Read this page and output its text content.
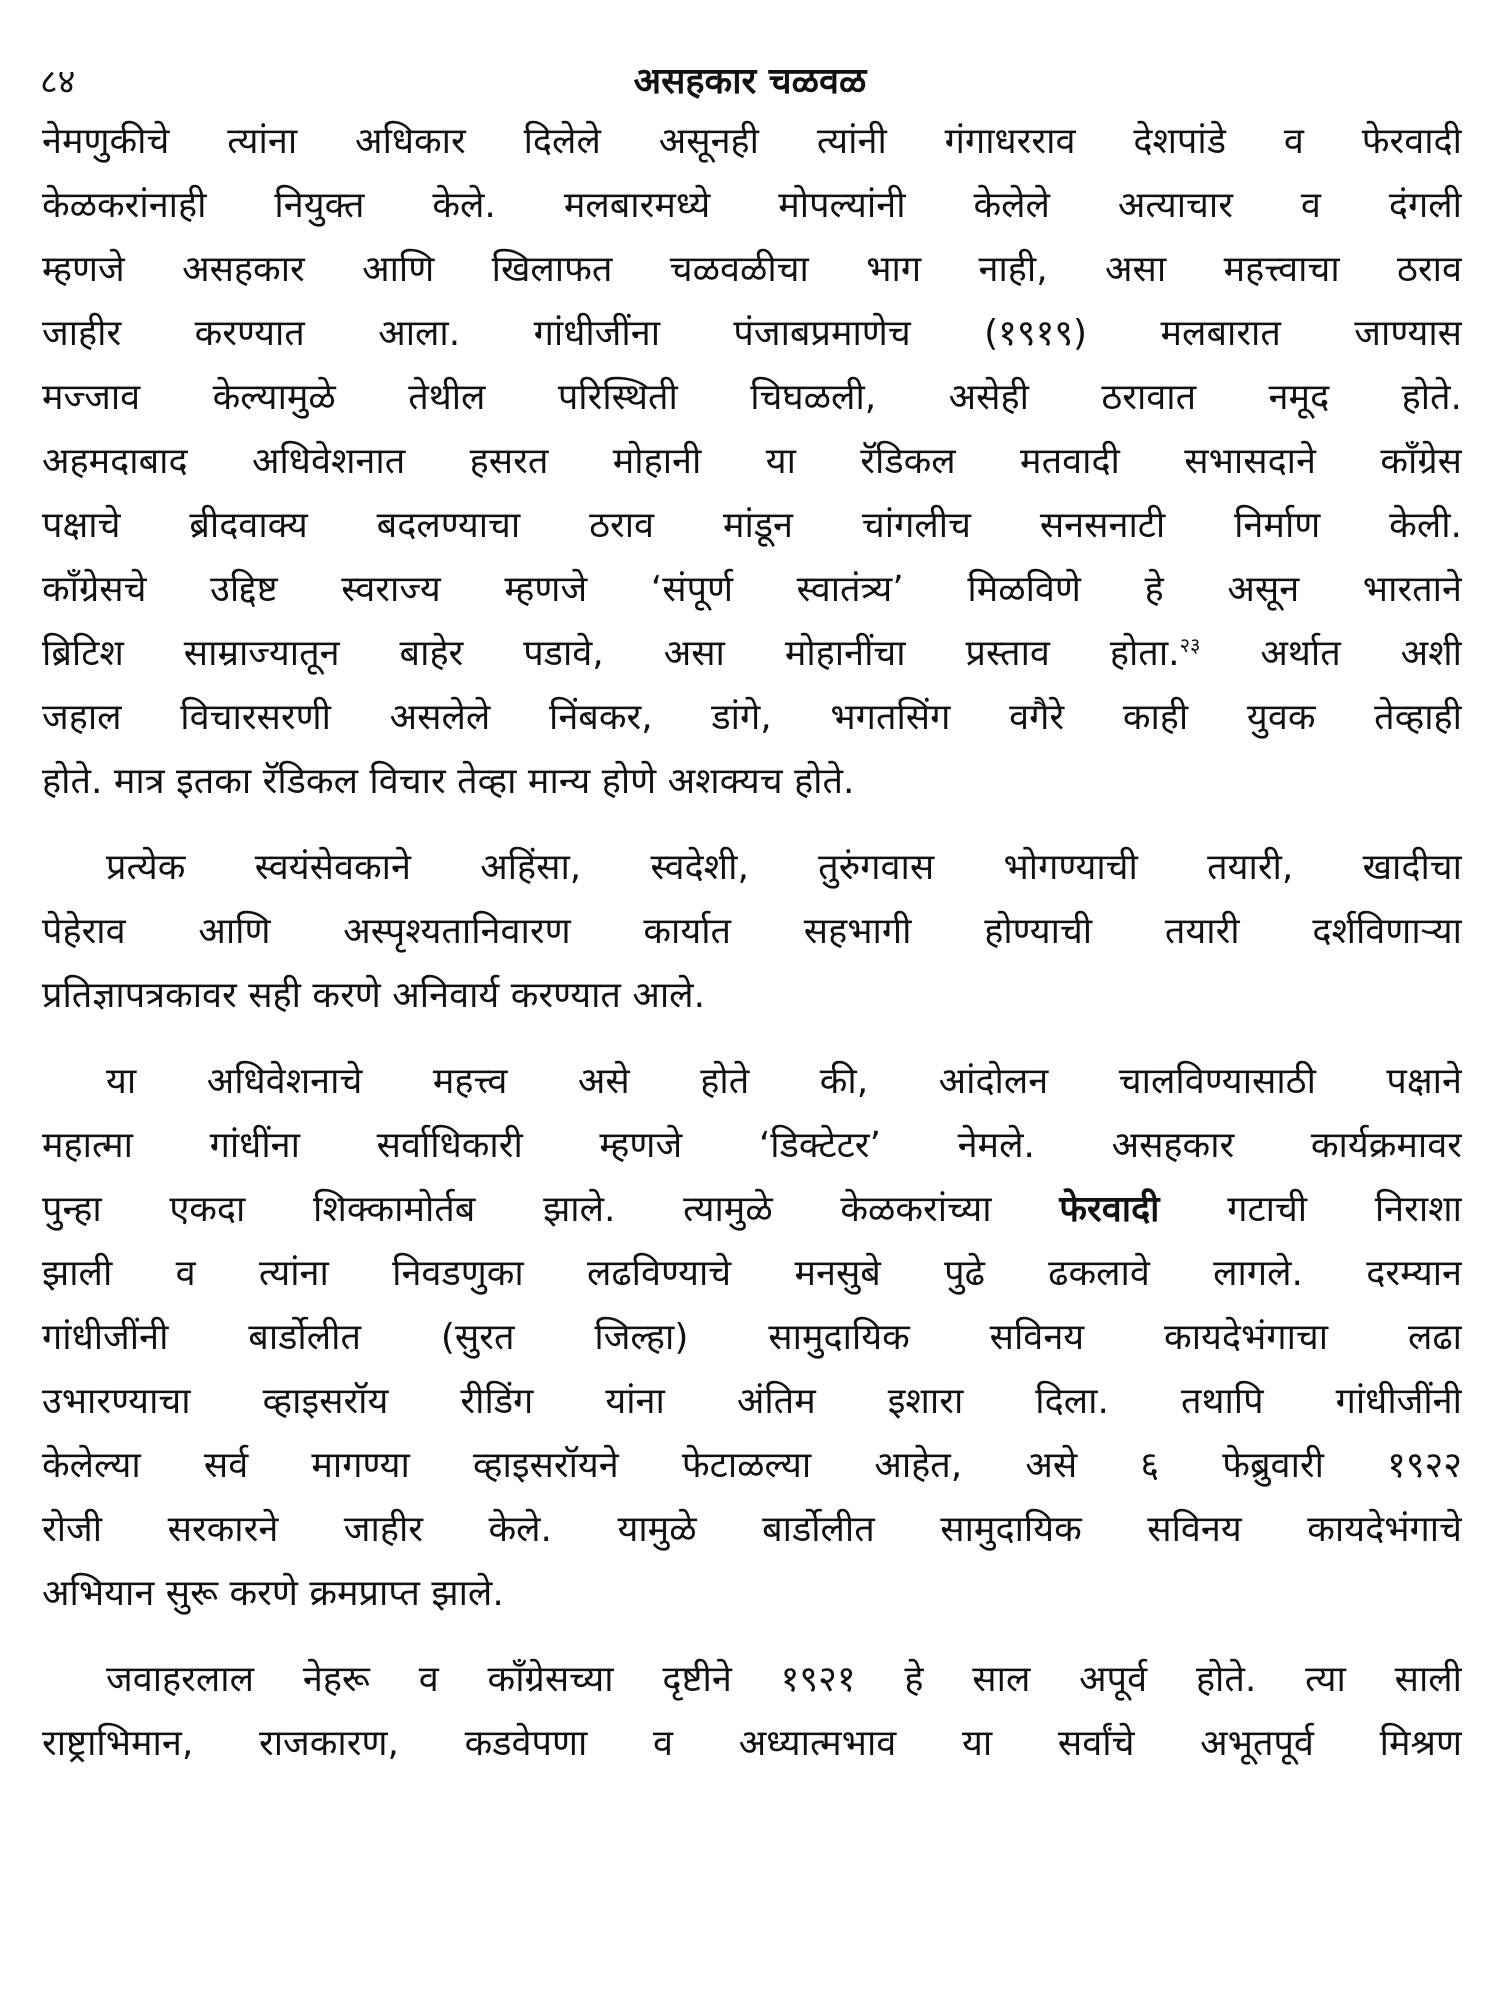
८४	असहकार चळवळ
नेमणुकीचे त्यांना अधिकार दिलेले असूनही त्यांनी गंगाधरराव देशपांडे व फेरवादी
केळकरांनाही नियुक्त केले. मलबारमध्ये मोपल्यांनी केलेले अत्याचार व दंगली
म्हणजे असहकार आणि खिलाफत चळवळीचा भाग नाही, असा महत्त्वाचा ठराव
जाहीर करण्यात आला. गांधीजींना पंजाबप्रमाणेच (१९१९) मलबारात जाण्यास
मज्जाव केल्यामुळे तेथील परिस्थिती चिघळली, असेही ठरावात नमूद होते.
अहमदाबाद अधिवेशनात हसरत मोहानी या रॅडिकल मतवादी सभासदाने काँग्रेस
पक्षाचे ब्रीदवाक्य बदलण्याचा ठराव मांडून चांगलीच सनसनाटी निर्माण केली.
काँग्रेसचे उद्दिष्ट स्वराज्य म्हणजे ‘संपूर्ण स्वातंत्र्य’ मिळविणे हे असून भारताने
ब्रिटिश साम्राज्यातून बाहेर पडावे, असा मोहानींचा प्रस्ताव होता.$^{२३}$ अर्थात अशी
जहाल विचारसरणी असलेले निंबकर, डांगे, भगतसिंग वगैरे काही युवक तेव्हाही
होते. मात्र इतका रॅडिकल विचार तेव्हा मान्य होणे अशक्यच होते.
प्रत्येक स्वयंसेवकाने अहिंसा, स्वदेशी, तुरुंगवास भोगण्याची तयारी, खादीचा
पेहेराव आणि अस्पृश्यतानिवारण कार्यात सहभागी होण्याची तयारी दर्शविणाऱ्या
प्रतिज्ञापत्रकावर सही करणे अनिवार्य करण्यात आले.
या अधिवेशनाचे महत्त्व असे होते की, आंदोलन चालविण्यासाठी पक्षाने
महात्मा गांधींना सर्वाधिकारी म्हणजे ‘डिक्टेटर’ नेमले. असहकार कार्यक्रमावर
पुन्हा एकदा शिक्कामोर्तब झाले. त्यामुळे केळकरांच्या फेरवादी गटाची निराशा
झाली व त्यांना निवडणुका लढविण्याचे मनसुबे पुढे ढकलावे लागले. दरम्यान
गांधीजींनी बार्डोलीत (सुरत जिल्हा) सामुदायिक सविनय कायदेभंगाचा लढा
उभारण्याचा व्हाइसरॉय रीडिंग यांना अंतिम इशारा दिला. तथापि गांधीजींनी
केलेल्या सर्व मागण्या व्हाइसरॉयने फेटाळल्या आहेत, असे ६ फेब्रुवारी १९२२
रोजी सरकारने जाहीर केले. यामुळे बार्डोलीत सामुदायिक सविनय कायदेभंगाचे
अभियान सुरू करणे क्रमप्राप्त झाले.
जवाहरलाल नेहरू व काँग्रेसच्या दृष्टीने १९२१ हे साल अपूर्व होते. त्या साली
राष्ट्राभिमान, राजकारण, कडवेपणा व अध्यात्मभाव या सर्वांचे अभूतपूर्व मिश्रण
